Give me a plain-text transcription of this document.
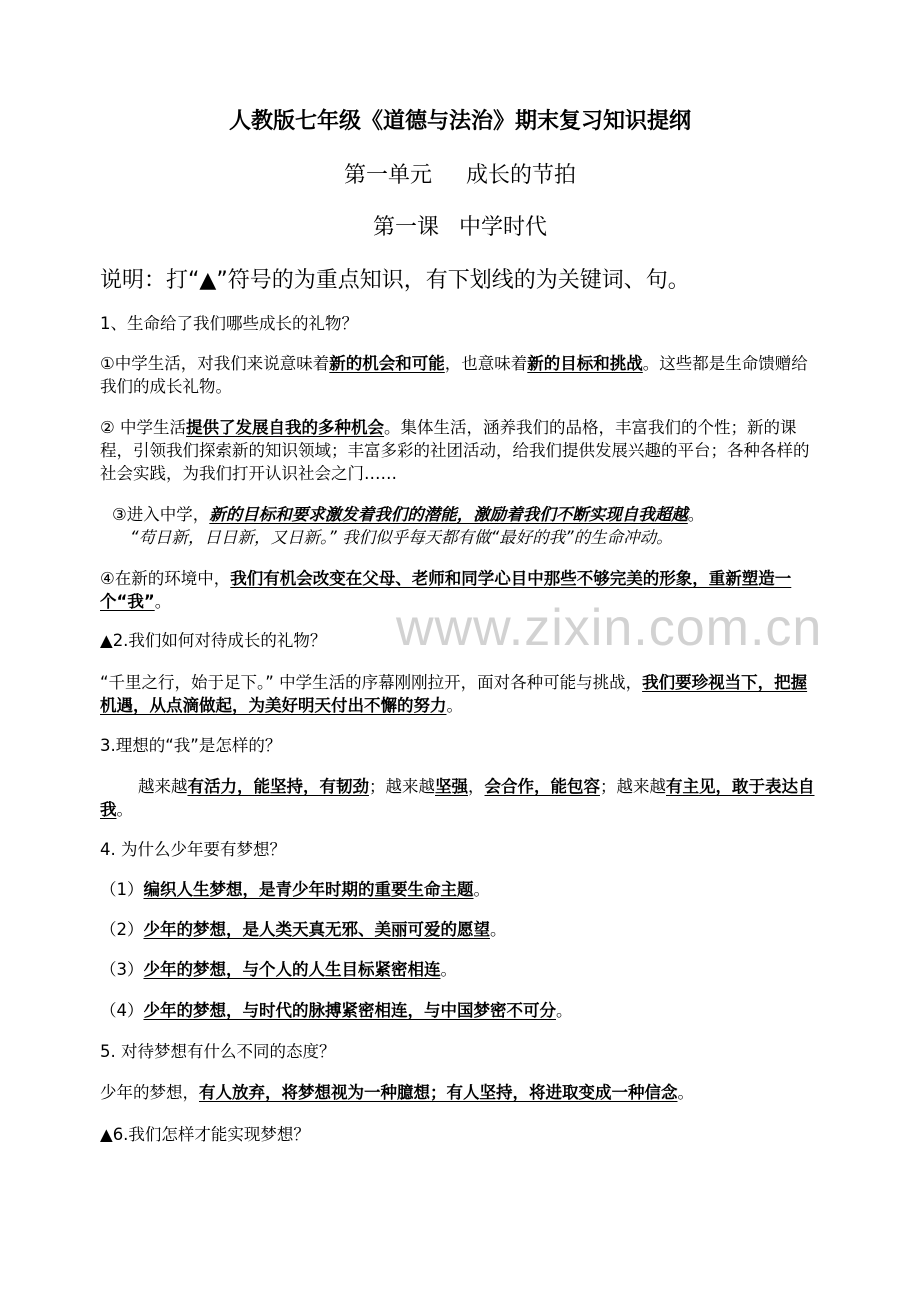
人教版七年级《道德与法治》期末复习知识提纲
第一单元 成长的节拍
第一课 中学时代
说明：打“▲”符号的为重点知识，有下划线的为关键词、句。
1、生命给了我们哪些成长的礼物？
①中学生活，对我们来说意味着新的机会和可能，也意味着新的目标和挑战。这些都是生命馈赠给我们的成长礼物。
② 中学生活提供了发展自我的多种机会。集体生活，涵养我们的品格，丰富我们的个性；新的课程，引领我们探索新的知识领域；丰富多彩的社团活动，给我们提供发展兴趣的平台；各种各样的社会实践，为我们打开认识社会之门……
③进入中学，新的目标和要求激发着我们的潜能，激励着我们不断实现自我超越。
“苟日新，日日新，又日新。” 我们似乎每天都有做“最好的我”的生命冲动。
④在新的环境中，我们有机会改变在父母、老师和同学心目中那些不够完美的形象，重新塑造一个“我”。	www.zixin.com.cn
▲2.我们如何对待成长的礼物？
“千里之行，始于足下。” 中学生活的序幕刚刚拉开，面对各种可能与挑战，我们要珍视当下，把握机遇，从点滴做起，为美好明天付出不懈的努力。
3.理想的“我”是怎样的？
越来越有活力，能坚持，有韧劲；越来越坚强，会合作，能包容；越来越有主见，敢于表达自我。
4. 为什么少年要有梦想？
（1）编织人生梦想，是青少年时期的重要生命主题。
（2）少年的梦想，是人类天真无邪、美丽可爱的愿望。
（3）少年的梦想，与个人的人生目标紧密相连。
（4）少年的梦想，与时代的脉搏紧密相连，与中国梦密不可分。
5. 对待梦想有什么不同的态度？
少年的梦想，有人放弃，将梦想视为一种臆想；有人坚持，将进取变成一种信念。
▲6.我们怎样才能实现梦想？
